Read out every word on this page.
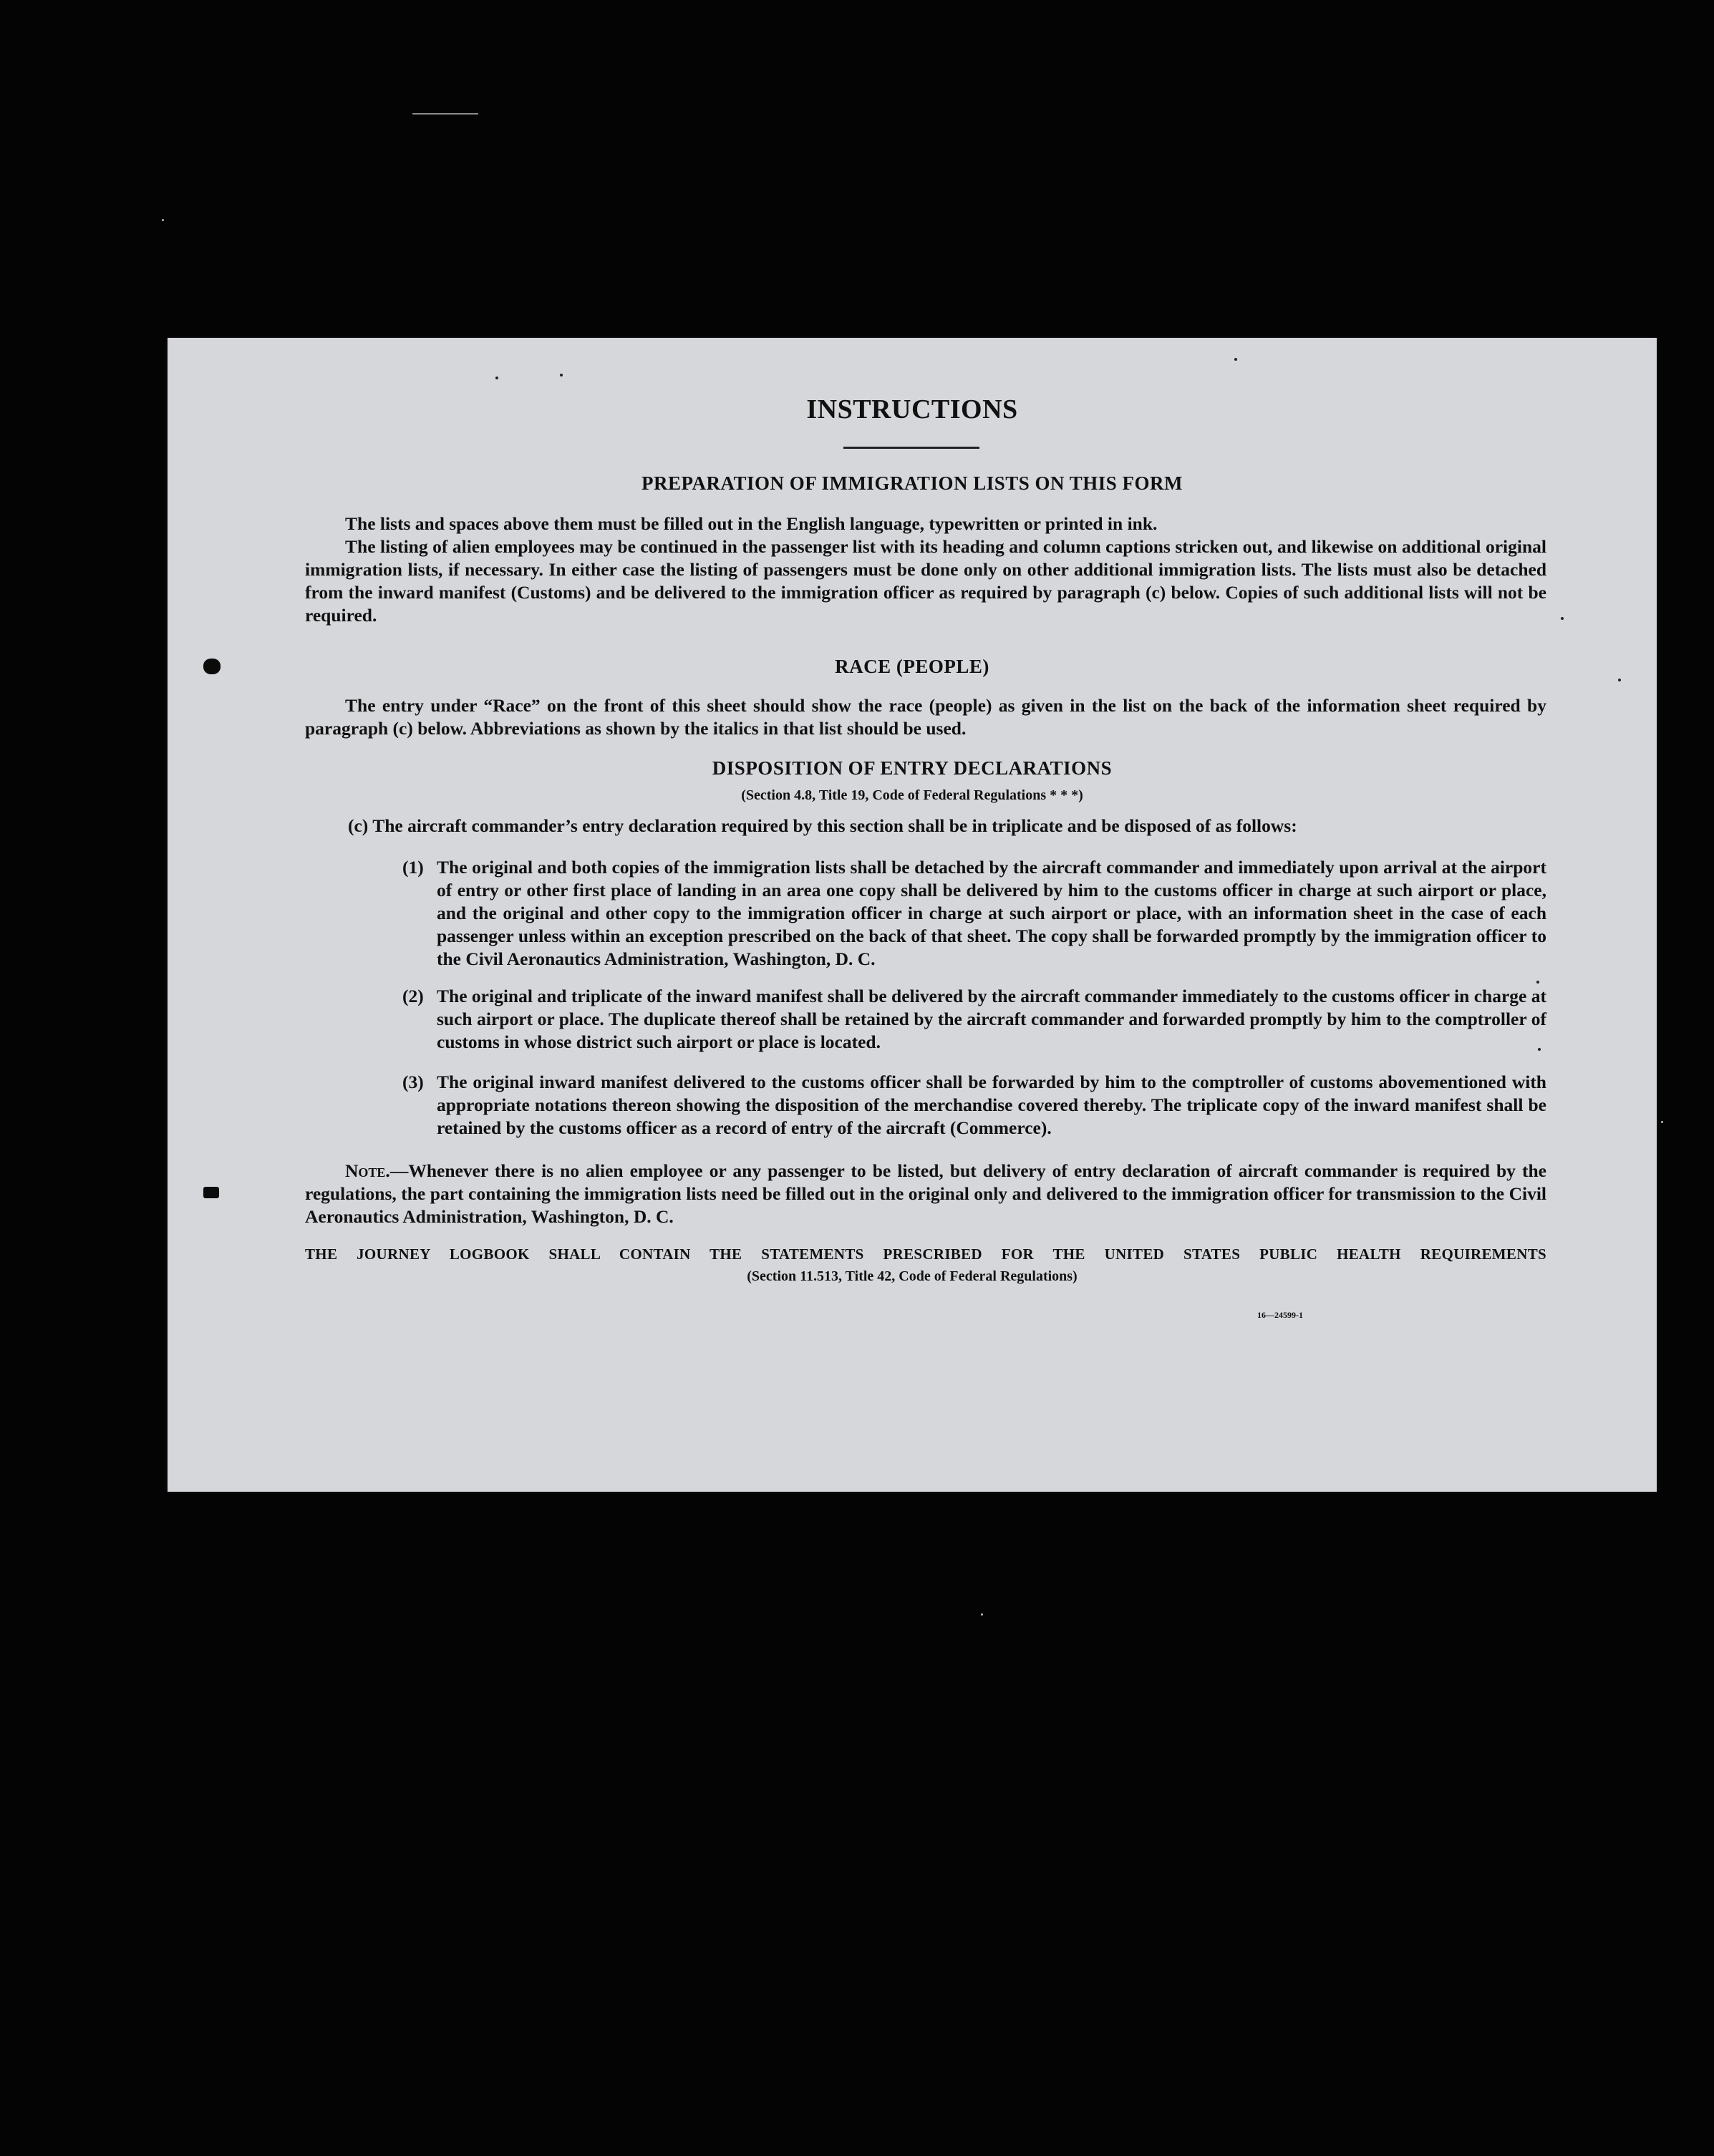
INSTRUCTIONS
PREPARATION OF IMMIGRATION LISTS ON THIS FORM
The lists and spaces above them must be filled out in the English language, typewritten or printed in ink.
The listing of alien employees may be continued in the passenger list with its heading and column captions stricken out, and likewise on additional original immigration lists, if necessary. In either case the listing of passengers must be done only on other additional immigration lists. The lists must also be detached from the inward manifest (Customs) and be delivered to the immigration officer as required by paragraph (c) below. Copies of such additional lists will not be required.
RACE (PEOPLE)
The entry under “Race” on the front of this sheet should show the race (people) as given in the list on the back of the information sheet required by paragraph (c) below. Abbreviations as shown by the italics in that list should be used.
DISPOSITION OF ENTRY DECLARATIONS
(Section 4.8, Title 19, Code of Federal Regulations * * *)
(c) The aircraft commander’s entry declaration required by this section shall be in triplicate and be disposed of as follows:
(1) The original and both copies of the immigration lists shall be detached by the aircraft commander and immediately upon arrival at the airport of entry or other first place of landing in an area one copy shall be delivered by him to the customs officer in charge at such airport or place, and the original and other copy to the immigration officer in charge at such airport or place, with an information sheet in the case of each passenger unless within an exception prescribed on the back of that sheet. The copy shall be forwarded promptly by the immigration officer to the Civil Aeronautics Administration, Washington, D. C.
(2) The original and triplicate of the inward manifest shall be delivered by the aircraft commander immediately to the customs officer in charge at such airport or place. The duplicate thereof shall be retained by the aircraft commander and forwarded promptly by him to the comptroller of customs in whose district such airport or place is located.
(3) The original inward manifest delivered to the customs officer shall be forwarded by him to the comptroller of customs abovementioned with appropriate notations thereon showing the disposition of the merchandise covered thereby. The triplicate copy of the inward manifest shall be retained by the customs officer as a record of entry of the aircraft (Commerce).
Note.—Whenever there is no alien employee or any passenger to be listed, but delivery of entry declaration of aircraft commander is required by the regulations, the part containing the immigration lists need be filled out in the original only and delivered to the immigration officer for transmission to the Civil Aeronautics Administration, Washington, D. C.
THE JOURNEY LOGBOOK SHALL CONTAIN THE STATEMENTS PRESCRIBED FOR THE UNITED STATES PUBLIC HEALTH REQUIREMENTS
(Section 11.513, Title 42, Code of Federal Regulations)
16—24599-1
